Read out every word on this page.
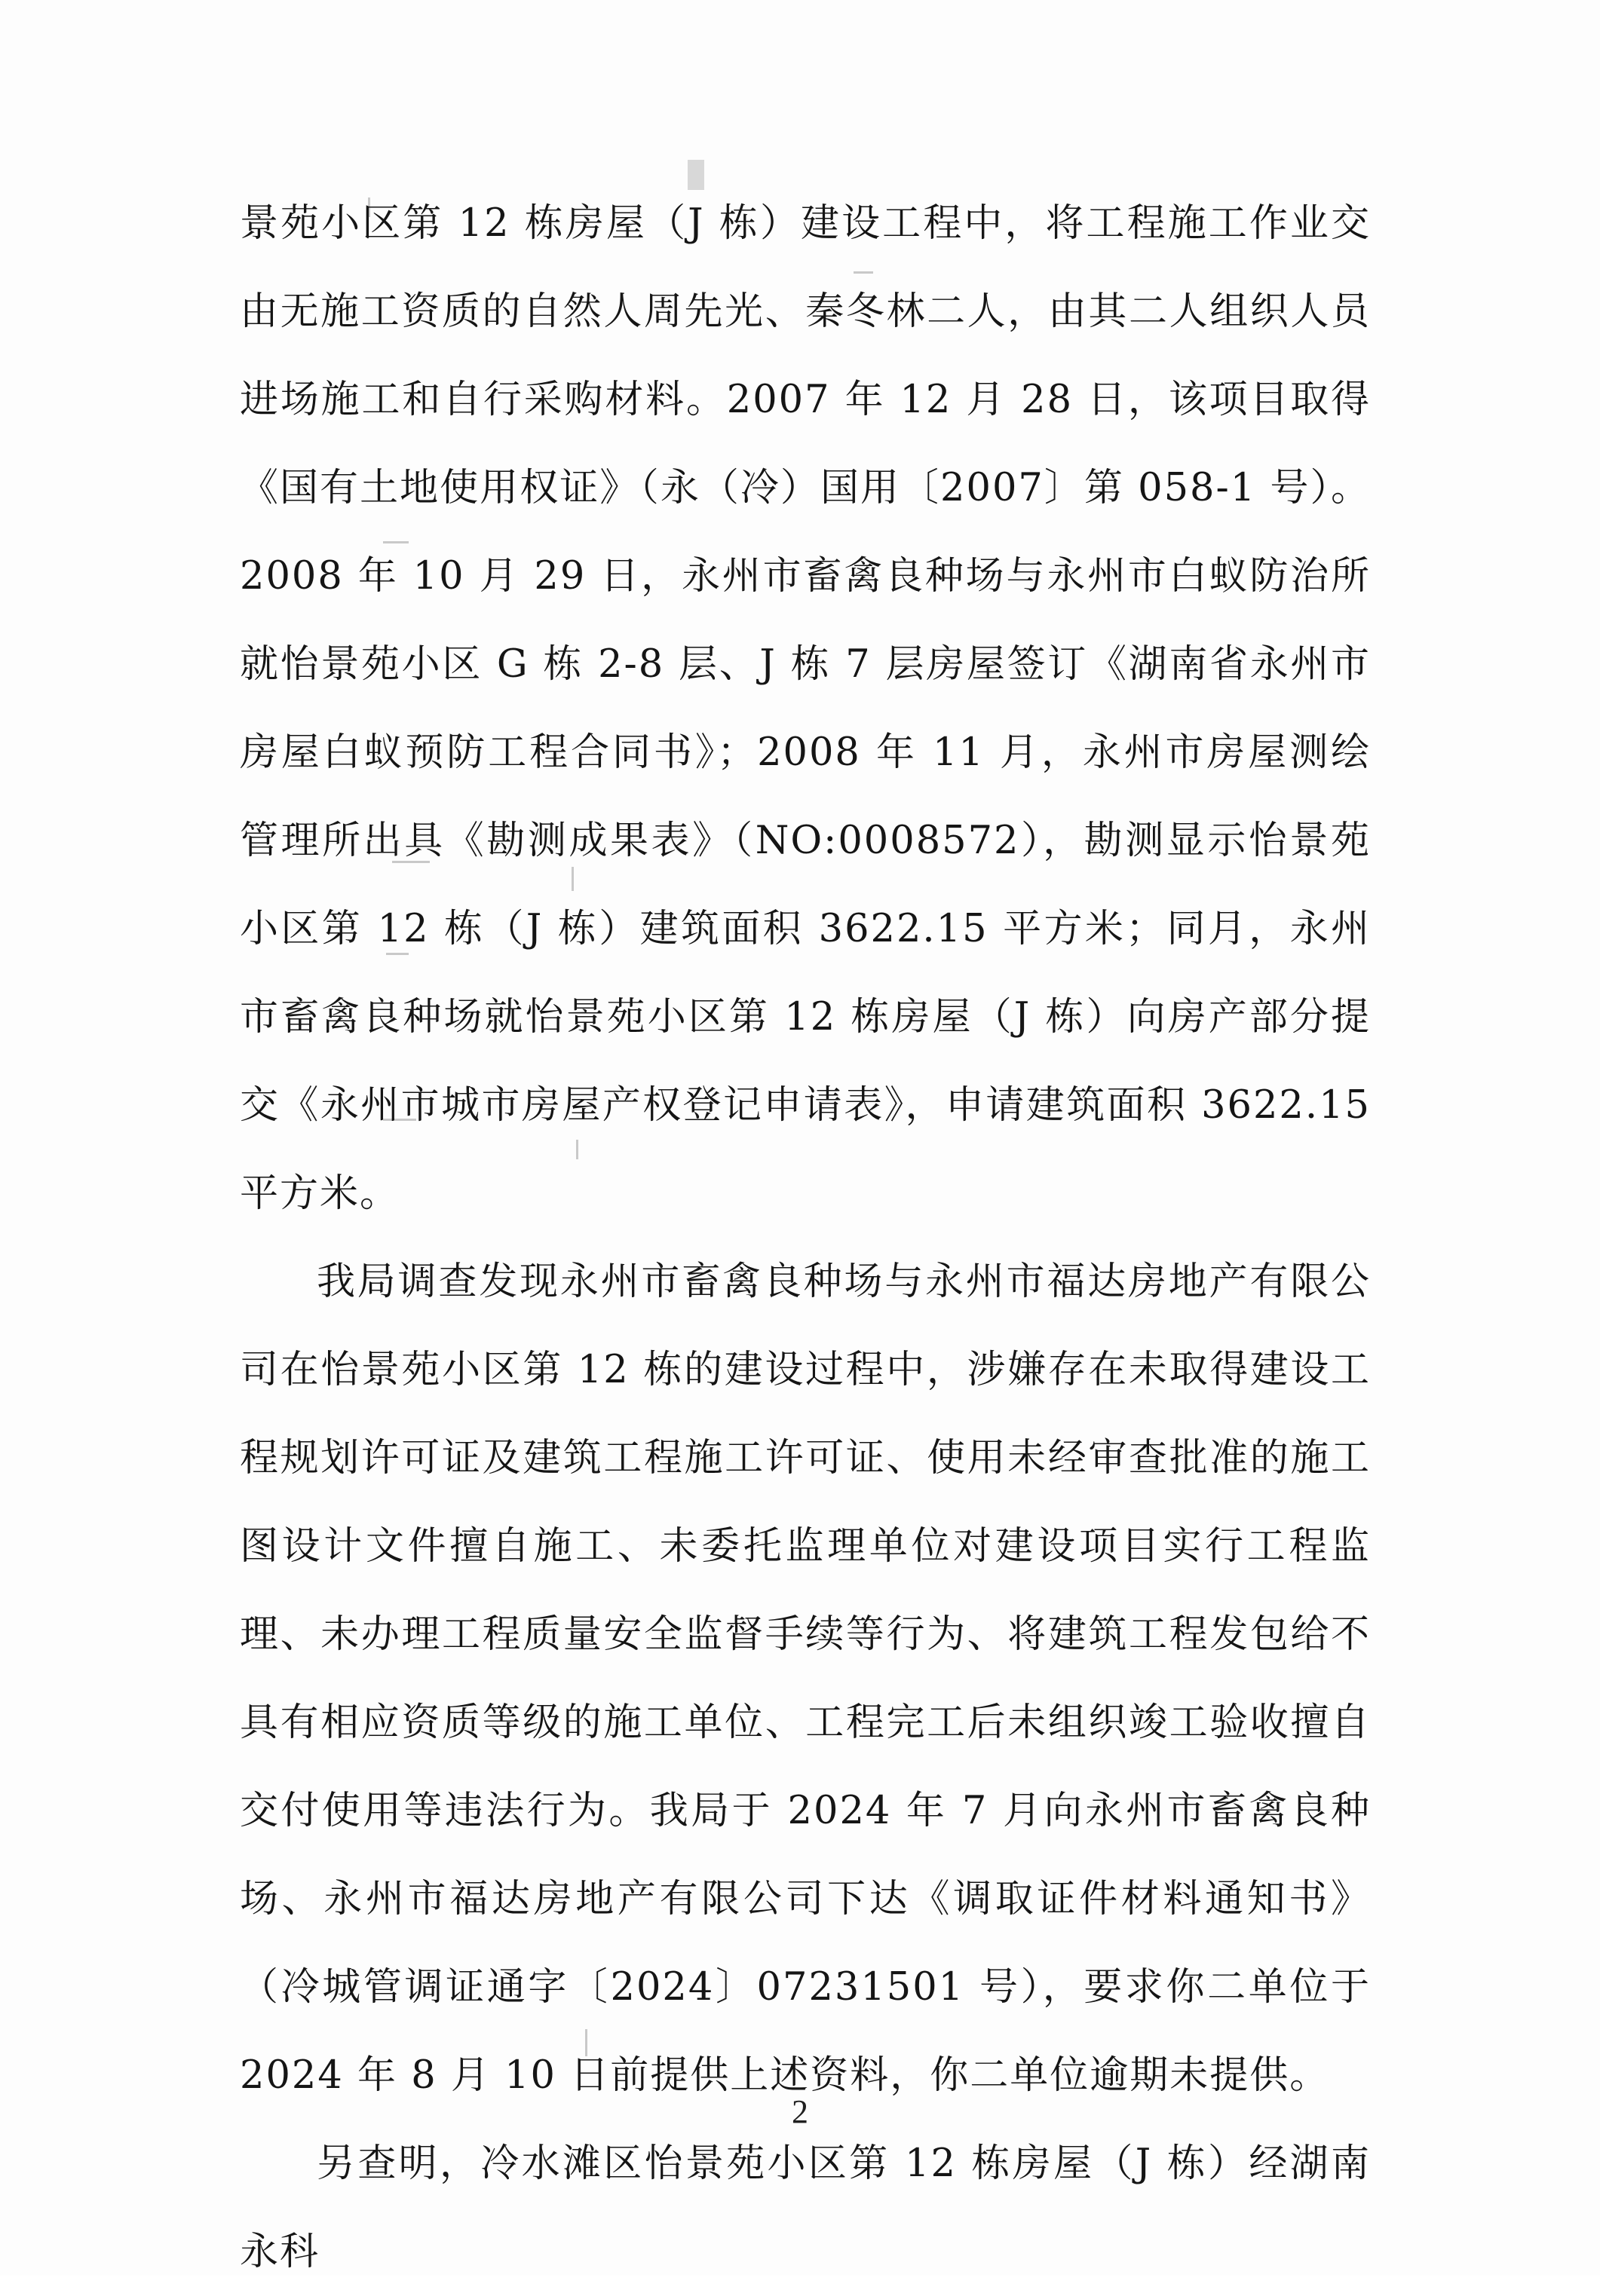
景苑小区第 12 栋房屋（J 栋）建设工程中，将工程施工作业交由无施工资质的自然人周先光、秦冬林二人，由其二人组织人员进场施工和自行采购材料。2007 年 12 月 28 日，该项目取得《国有土地使用权证》（永（冷）国用〔2007〕第 058-1 号）。2008 年 10 月 29 日，永州市畜禽良种场与永州市白蚁防治所就怡景苑小区 G 栋 2-8 层、J 栋 7 层房屋签订《湖南省永州市房屋白蚁预防工程合同书》；2008 年 11 月，永州市房屋测绘管理所出具《勘测成果表》（NO:0008572），勘测显示怡景苑小区第 12 栋（J 栋）建筑面积 3622.15 平方米；同月，永州市畜禽良种场就怡景苑小区第 12 栋房屋（J 栋）向房产部分提交《永州市城市房屋产权登记申请表》，申请建筑面积 3622.15 平方米。

我局调查发现永州市畜禽良种场与永州市福达房地产有限公司在怡景苑小区第 12 栋的建设过程中，涉嫌存在未取得建设工程规划许可证及建筑工程施工许可证、使用未经审查批准的施工图设计文件擅自施工、未委托监理单位对建设项目实行工程监理、未办理工程质量安全监督手续等行为、将建筑工程发包给不具有相应资质等级的施工单位、工程完工后未组织竣工验收擅自交付使用等违法行为。我局于 2024 年 7 月向永州市畜禽良种场、永州市福达房地产有限公司下达《调取证件材料通知书》（冷城管调证通字〔2024〕07231501 号），要求你二单位于 2024 年 8 月 10 日前提供上述资料，你二单位逾期未提供。

另查明，冷水滩区怡景苑小区第 12 栋房屋（J 栋）经湖南永科

2
